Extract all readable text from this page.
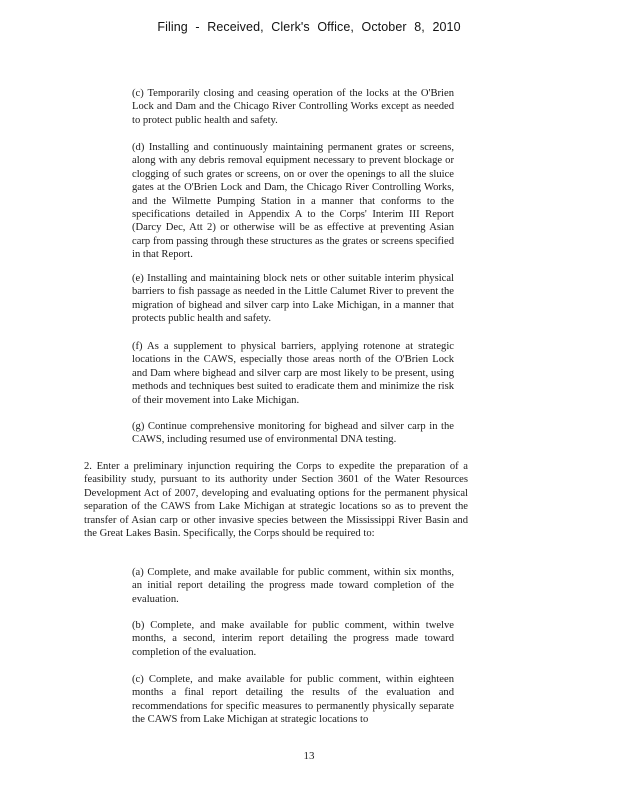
Filing - Received, Clerk's Office, October 8, 2010

(c) Temporarily closing and ceasing operation of the locks at the O'Brien Lock and Dam and the Chicago River Controlling Works except as needed to protect public health and safety.

(d) Installing and continuously maintaining permanent grates or screens, along with any debris removal equipment necessary to prevent blockage or clogging of such grates or screens, on or over the openings to all the sluice gates at the O'Brien Lock and Dam, the Chicago River Controlling Works, and the Wilmette Pumping Station in a manner that conforms to the specifications detailed in Appendix A to the Corps' Interim III Report (Darcy Dec, Att 2) or otherwise will be as effective at preventing Asian carp from passing through these structures as the grates or screens specified in that Report.

(e) Installing and maintaining block nets or other suitable interim physical barriers to fish passage as needed in the Little Calumet River to prevent the migration of bighead and silver carp into Lake Michigan, in a manner that protects public health and safety.

(f) As a supplement to physical barriers, applying rotenone at strategic locations in the CAWS, especially those areas north of the O'Brien Lock and Dam where bighead and silver carp are most likely to be present, using methods and techniques best suited to eradicate them and minimize the risk of their movement into Lake Michigan.

(g) Continue comprehensive monitoring for bighead and silver carp in the CAWS, including resumed use of environmental DNA testing.

2. Enter a preliminary injunction requiring the Corps to expedite the preparation of a feasibility study, pursuant to its authority under Section 3601 of the Water Resources Development Act of 2007, developing and evaluating options for the permanent physical separation of the CAWS from Lake Michigan at strategic locations so as to prevent the transfer of Asian carp or other invasive species between the Mississippi River Basin and the Great Lakes Basin. Specifically, the Corps should be required to:

(a) Complete, and make available for public comment, within six months, an initial report detailing the progress made toward completion of the evaluation.

(b) Complete, and make available for public comment, within twelve months, a second, interim report detailing the progress made toward completion of the evaluation.

(c) Complete, and make available for public comment, within eighteen months a final report detailing the results of the evaluation and recommendations for specific measures to permanently physically separate the CAWS from Lake Michigan at strategic locations to

13
